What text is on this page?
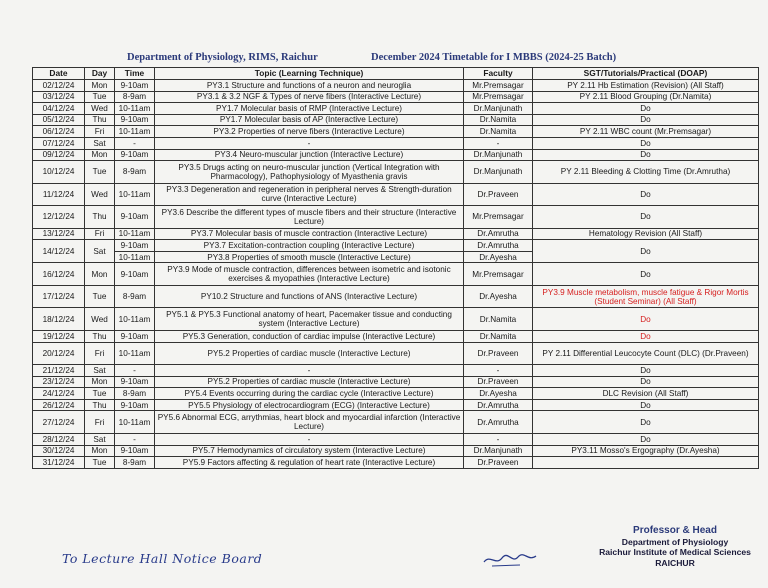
Department of Physiology, RIMS, Raichur	December 2024 Timetable for I MBBS (2024-25 Batch)
Date	Day	Time	Topic (Learning Technique)	Faculty	SGT/Tutorials/Practical (DOAP)
02/12/24	Mon	9-10am	PY3.1 Structure and functions of a neuron and neuroglia	Mr.Premsagar	PY 2.11 Hb Estimation (Revision) (All Staff)
03/12/24	Tue	8-9am	PY3.1 & 3.2 NGF & Types of nerve fibers (Interactive Lecture)	Mr.Premsagar	PY 2.11 Blood Grouping (Dr.Namita)
04/12/24	Wed	10-11am	PY1.7 Molecular basis of RMP (Interactive Lecture)	Dr.Manjunath	Do
05/12/24	Thu	9-10am	PY1.7 Molecular basis of AP (Interactive Lecture)	Dr.Namita	Do
06/12/24	Fri	10-11am	PY3.2 Properties of nerve fibers (Interactive Lecture)	Dr.Namita	PY 2.11 WBC count (Mr.Premsagar)
07/12/24	Sat	-	-	-	Do
09/12/24	Mon	9-10am	PY3.4 Neuro-muscular junction (Interactive Lecture)	Dr.Manjunath	Do
10/12/24	Tue	8-9am	PY3.5 Drugs acting on neuro-muscular junction (Vertical Integration with Pharmacology), Pathophysiology of Myasthenia gravis	Dr.Manjunath	PY 2.11 Bleeding & Clotting Time (Dr.Amrutha)
11/12/24	Wed	10-11am	PY3.3 Degeneration and regeneration in peripheral nerves & Strength-duration curve (Interactive Lecture)	Dr.Praveen	Do
12/12/24	Thu	9-10am	PY3.6 Describe the different types of muscle fibers and their structure (Interactive Lecture)	Mr.Premsagar	Do
13/12/24	Fri	10-11am	PY3.7 Molecular basis of muscle contraction (Interactive Lecture)	Dr.Amrutha	Hematology Revision (All Staff)
14/12/24	Sat	9-10am	PY3.7 Excitation-contraction coupling (Interactive Lecture)	Dr.Amrutha	Do
		10-11am	PY3.8 Properties of smooth muscle (Interactive Lecture)	Dr.Ayesha	
16/12/24	Mon	9-10am	PY3.9 Mode of muscle contraction, differences between isometric and isotonic exercises & myopathies (Interactive Lecture)	Mr.Premsagar	Do
17/12/24	Tue	8-9am	PY10.2 Structure and functions of ANS (Interactive Lecture)	Dr.Ayesha	PY3.9 Muscle metabolism, muscle fatigue & Rigor Mortis (Student Seminar) (All Staff)
18/12/24	Wed	10-11am	PY5.1 & PY5.3 Functional anatomy of heart, Pacemaker tissue and conducting system (Interactive Lecture)	Dr.Namita	Do
19/12/24	Thu	9-10am	PY5.3 Generation, conduction of cardiac impulse (Interactive Lecture)	Dr.Namita	Do
20/12/24	Fri	10-11am	PY5.2 Properties of cardiac muscle (Interactive Lecture)	Dr.Praveen	PY 2.11 Differential Leucocyte Count (DLC) (Dr.Praveen)
21/12/24	Sat	-	-	-	Do
23/12/24	Mon	9-10am	PY5.2 Properties of cardiac muscle (Interactive Lecture)	Dr.Praveen	Do
24/12/24	Tue	8-9am	PY5.4 Events occurring during the cardiac cycle (Interactive Lecture)	Dr.Ayesha	DLC Revision (All Staff)
26/12/24	Thu	9-10am	PY5.5 Physiology of electrocardiogram (ECG) (Interactive Lecture)	Dr.Amrutha	Do
27/12/24	Fri	10-11am	PY5.6 Abnormal ECG, arrythmias, heart block and myocardial infarction (Interactive Lecture)	Dr.Amrutha	Do
28/12/24	Sat	-	-	-	Do
30/12/24	Mon	9-10am	PY5.7 Hemodynamics of circulatory system (Interactive Lecture)	Dr.Manjunath	PY3.11 Mosso's Ergography (Dr.Ayesha)
31/12/24	Tue	8-9am	PY5.9 Factors affecting & regulation of heart rate (Interactive Lecture)	Dr.Praveen	
To Lecture Hall Notice Board
Professor & Head
Department of Physiology
Raichur Institute of Medical Sciences
RAICHUR
